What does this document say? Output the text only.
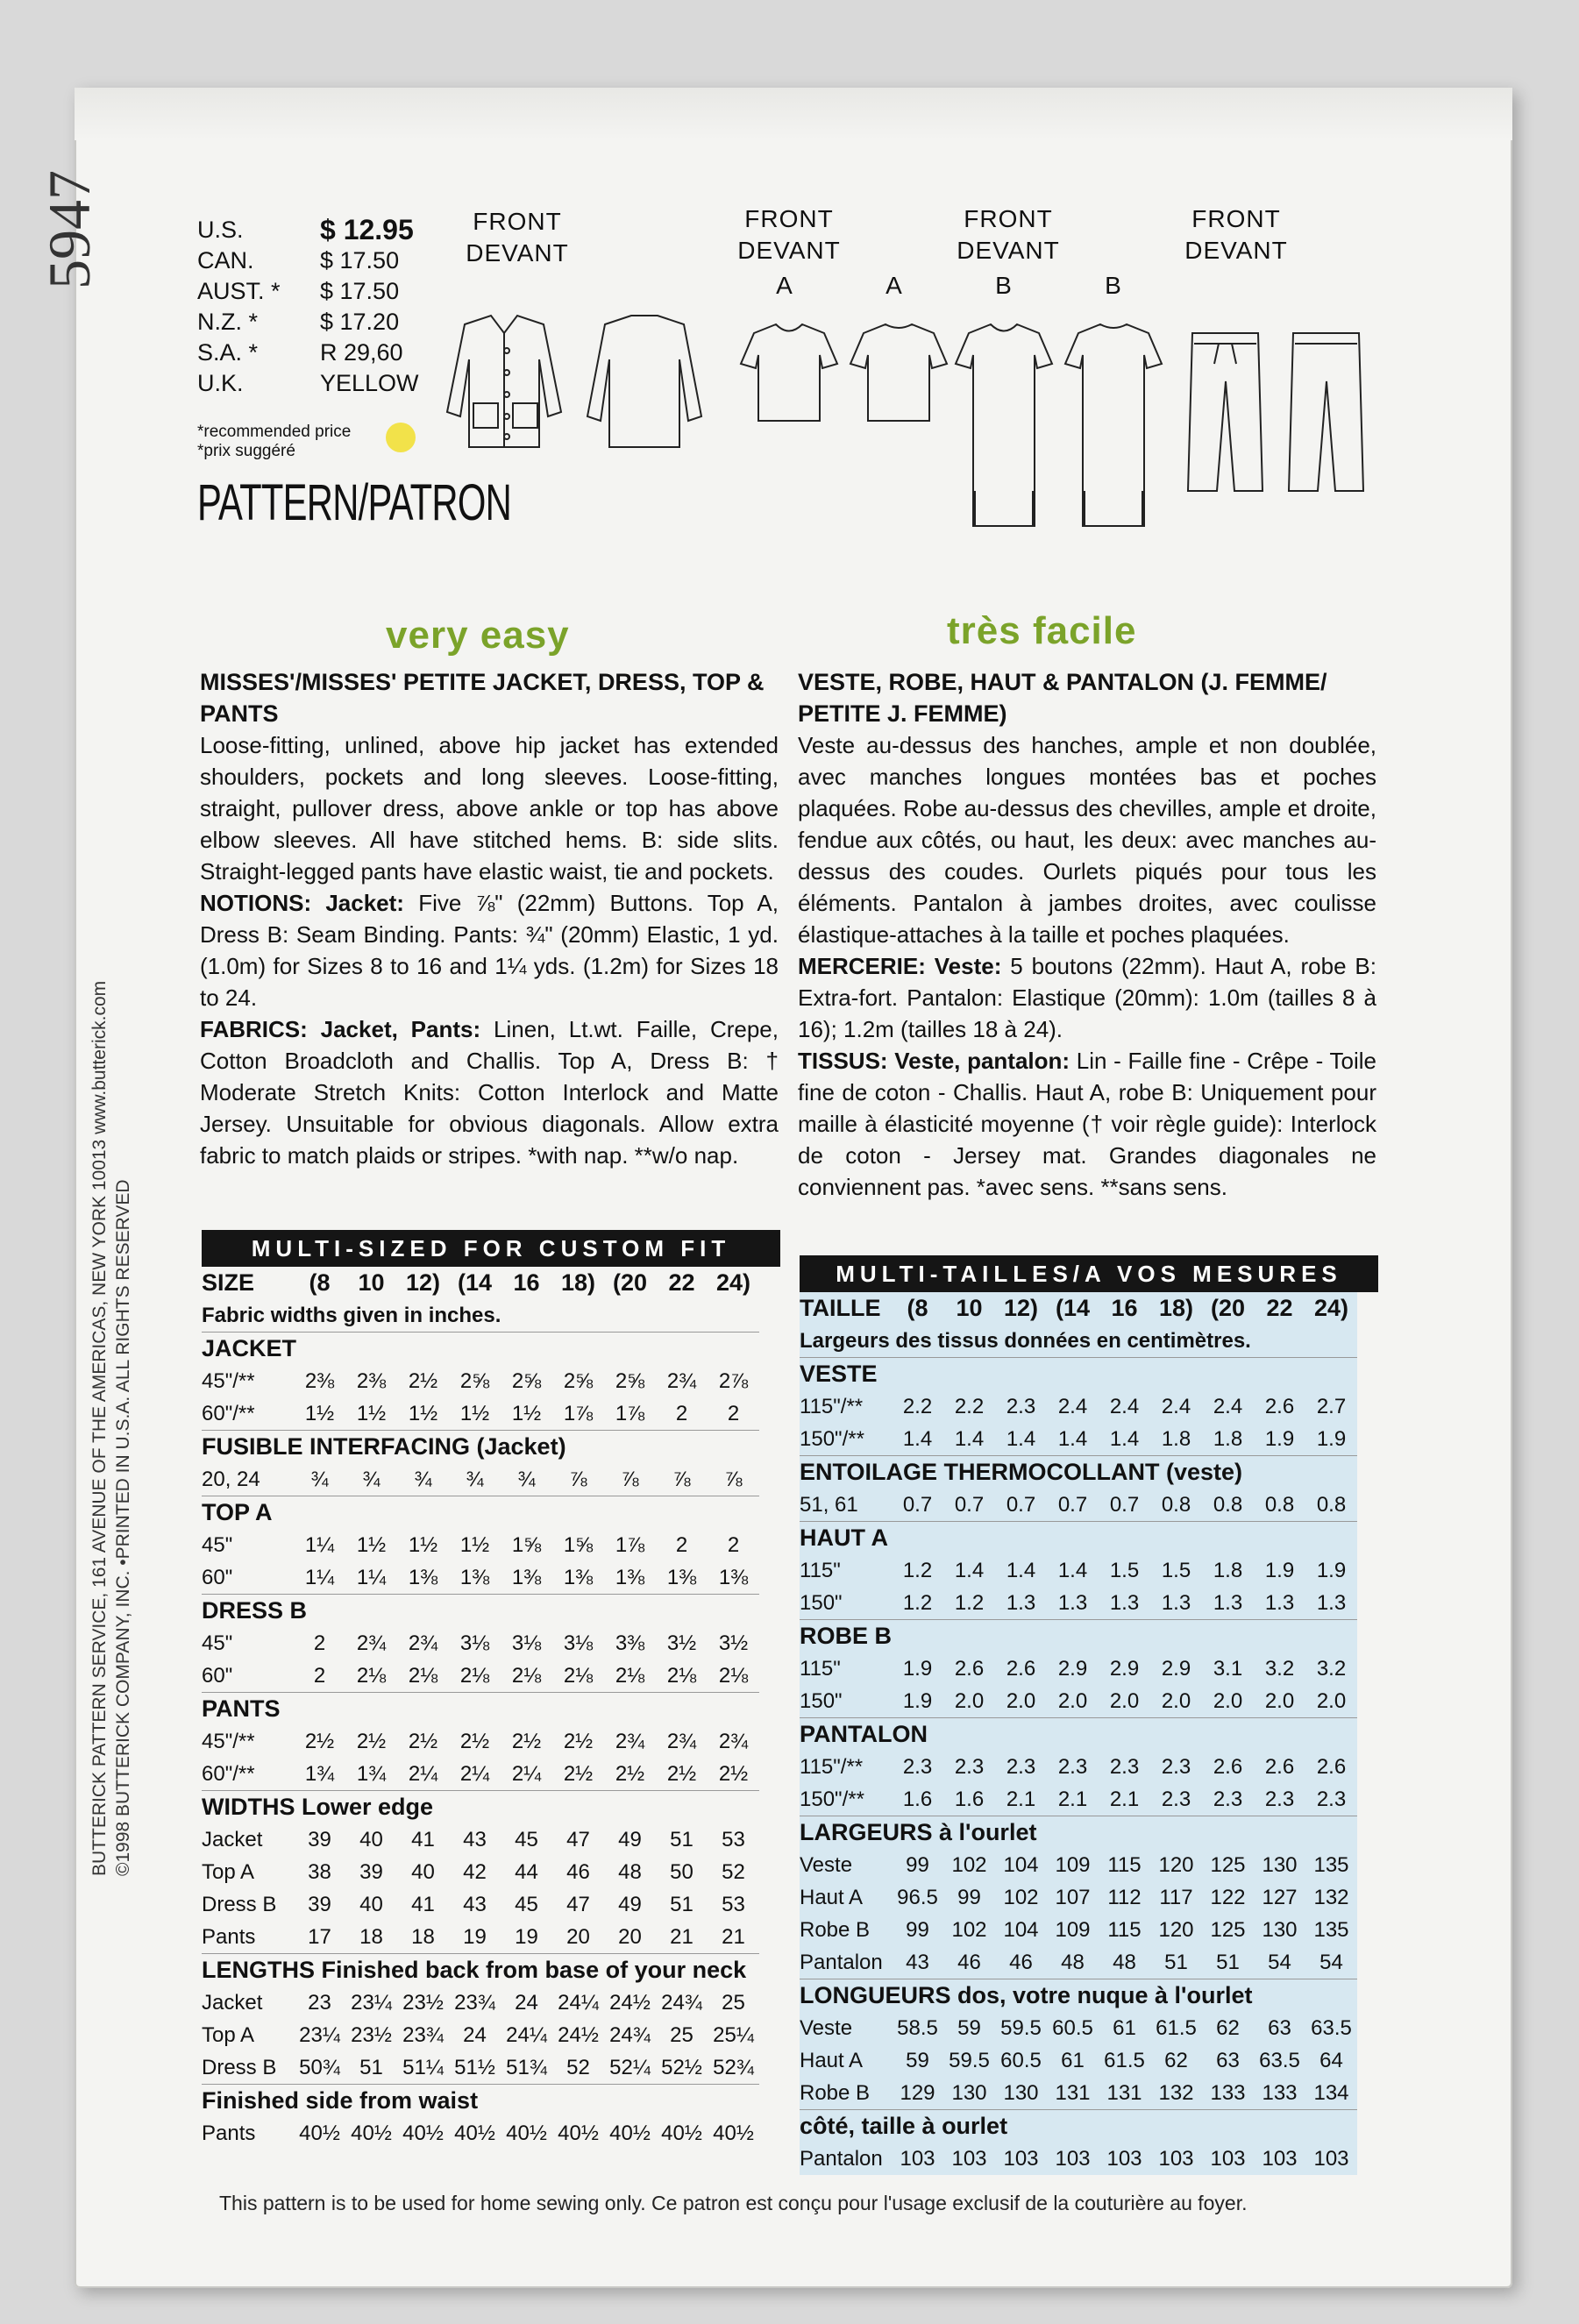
5947
BUTTERICK PATTERN SERVICE, 161 AVENUE OF THE AMERICAS, NEW YORK 10013 www.butterick.com ©1998 BUTTERICK COMPANY, INC. •PRINTED IN U.S.A. ALL RIGHTS RESERVED
U.S.	$ 12.95
CAN.	$ 17.50
AUST. *	$ 17.50
N.Z. *	$ 17.20
S.A. *	R 29,60
U.K.	YELLOW
*recommended price
*prix suggéré
PATTERN/PATRON
FRONT
DEVANT
FRONT
DEVANT
A	A
FRONT
DEVANT
B	B
FRONT
DEVANT
very easy	très facile

MISSES'/MISSES' PETITE JACKET, DRESS, TOP & PANTS

Loose-fitting, unlined, above hip jacket has extended shoulders, pockets and long sleeves. Loose-fitting, straight, pullover dress, above ankle or top has above elbow sleeves. All have stitched hems. B: side slits. Straight-legged pants have elastic waist, tie and pockets.

NOTIONS: Jacket: Five ⅞" (22mm) Buttons. Top A, Dress B: Seam Binding. Pants: ¾" (20mm) Elastic, 1 yd. (1.0m) for Sizes 8 to 16 and 1¼ yds. (1.2m) for Sizes 18 to 24.

FABRICS: Jacket, Pants: Linen, Lt.wt. Faille, Crepe, Cotton Broadcloth and Challis. Top A, Dress B: † Moderate Stretch Knits: Cotton Interlock and Matte Jersey. Unsuitable for obvious diagonals. Allow extra fabric to match plaids or stripes. *with nap. **w/o nap.

VESTE, ROBE, HAUT & PANTALON (J. FEMME/ PETITE J. FEMME)

Veste au-dessus des hanches, ample et non doublée, avec manches longues montées bas et poches plaquées. Robe au-dessus des chevilles, ample et droite, fendue aux côtés, ou haut, les deux: avec manches au-dessus des coudes. Ourlets piqués pour tous les éléments. Pantalon à jambes droites, avec coulisse élastique-attaches à la taille et poches plaquées.

MERCERIE: Veste: 5 boutons (22mm). Haut A, robe B: Extra-fort. Pantalon: Elastique (20mm): 1.0m (tailles 8 à 16); 1.2m (tailles 18 à 24).

TISSUS: Veste, pantalon: Lin - Faille fine - Crêpe - Toile fine de coton - Challis. Haut A, robe B: Uniquement pour maille à élasticité moyenne († voir règle guide): Interlock de coton - Jersey mat. Grandes diagonales ne conviennent pas. *avec sens. **sans sens.

MULTI-SIZED FOR CUSTOM FIT
SIZE	(8	10	12)	(14	16	18)	(20	22	24)
Fabric widths given in inches.									
JACKET									
45"/**	2⅜	2⅜	2½	2⅝	2⅝	2⅝	2⅝	2¾	2⅞
60"/**	1½	1½	1½	1½	1½	1⅞	1⅞	2	2
FUSIBLE INTERFACING (Jacket)									
20, 24	¾	¾	¾	¾	¾	⅞	⅞	⅞	⅞
TOP A									
45"	1¼	1½	1½	1½	1⅝	1⅝	1⅞	2	2
60"	1¼	1¼	1⅜	1⅜	1⅜	1⅜	1⅜	1⅜	1⅜
DRESS B									
45"	2	2¾	2¾	3⅛	3⅛	3⅛	3⅜	3½	3½
60"	2	2⅛	2⅛	2⅛	2⅛	2⅛	2⅛	2⅛	2⅛
PANTS									
45"/**	2½	2½	2½	2½	2½	2½	2¾	2¾	2¾
60"/**	1¾	1¾	2¼	2¼	2¼	2½	2½	2½	2½
WIDTHS Lower edge									
Jacket	39	40	41	43	45	47	49	51	53
Top A	38	39	40	42	44	46	48	50	52
Dress B	39	40	41	43	45	47	49	51	53
Pants	17	18	18	19	19	20	20	21	21
LENGTHS Finished back from base of your neck									
Jacket	23	23¼	23½	23¾	24	24¼	24½	24¾	25
Top A	23¼	23½	23¾	24	24¼	24½	24¾	25	25¼
Dress B	50¾	51	51¼	51½	51¾	52	52¼	52½	52¾
Finished side from waist									
Pants	40½	40½	40½	40½	40½	40½	40½	40½	40½
MULTI-TAILLES/A VOS MESURES
TAILLE	(8	10	12)	(14	16	18)	(20	22	24)
Largeurs des tissus données en centimètres.									
VESTE									
115"/**	2.2	2.2	2.3	2.4	2.4	2.4	2.4	2.6	2.7
150"/**	1.4	1.4	1.4	1.4	1.4	1.8	1.8	1.9	1.9
ENTOILAGE THERMOCOLLANT (veste)									
51, 61	0.7	0.7	0.7	0.7	0.7	0.8	0.8	0.8	0.8
HAUT A									
115"	1.2	1.4	1.4	1.4	1.5	1.5	1.8	1.9	1.9
150"	1.2	1.2	1.3	1.3	1.3	1.3	1.3	1.3	1.3
ROBE B									
115"	1.9	2.6	2.6	2.9	2.9	2.9	3.1	3.2	3.2
150"	1.9	2.0	2.0	2.0	2.0	2.0	2.0	2.0	2.0
PANTALON									
115"/**	2.3	2.3	2.3	2.3	2.3	2.3	2.6	2.6	2.6
150"/**	1.6	1.6	2.1	2.1	2.1	2.3	2.3	2.3	2.3
LARGEURS à l'ourlet									
Veste	99	102	104	109	115	120	125	130	135
Haut A	96.5	99	102	107	112	117	122	127	132
Robe B	99	102	104	109	115	120	125	130	135
Pantalon	43	46	46	48	48	51	51	54	54
LONGUEURS dos, votre nuque à l'ourlet									
Veste	58.5	59	59.5	60.5	61	61.5	62	63	63.5
Haut A	59	59.5	60.5	61	61.5	62	63	63.5	64
Robe B	129	130	130	131	131	132	133	133	134
côté, taille à ourlet									
Pantalon	103	103	103	103	103	103	103	103	103
This pattern is to be used for home sewing only. Ce patron est conçu pour l'usage exclusif de la couturière au foyer.
